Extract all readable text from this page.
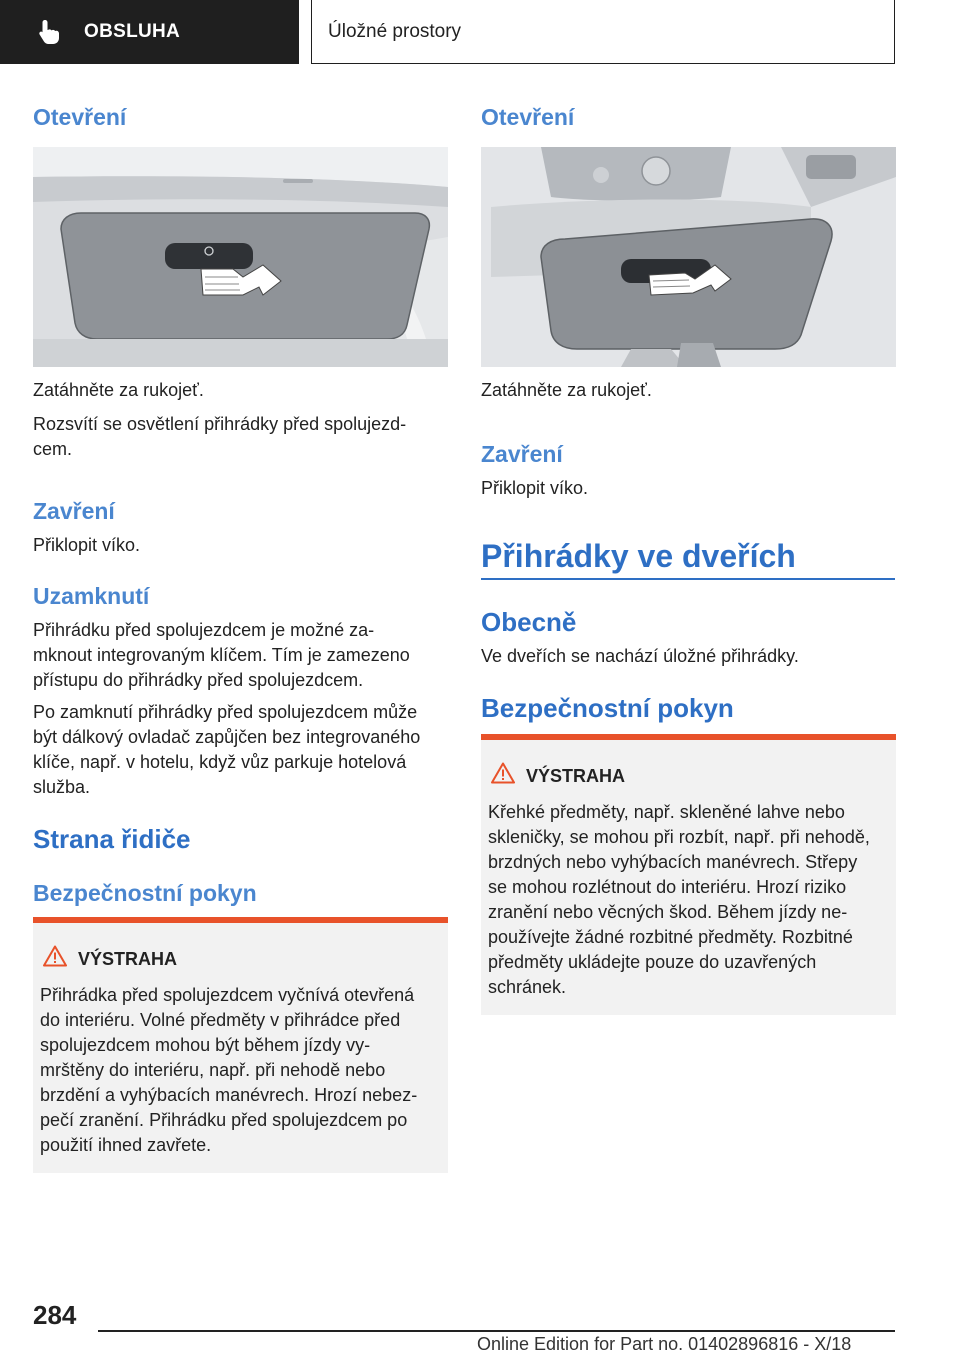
OBSLUHA	Úložné prostory
Otevření

Zatáhněte za rukojeť.

Rozsvítí se osvětlení přihrádky před spolujezd-

cem.

Zavření

Přiklopit víko.

Uzamknutí

Přihrádku před spolujezdcem je možné za-

mknout integrovaným klíčem. Tím je zamezeno

přístupu do přihrádky před spolujezdcem.

Po zamknutí přihrádky před spolujezdcem může

být dálkový ovladač zapůjčen bez integrovaného

klíče, např. v hotelu, když vůz parkuje hotelová

služba.

Strana řidiče
Bezpečnostní pokyn
VÝSTRAHA
Přihrádka před spolujezdcem vyčnívá otevřená
do interiéru. Volné předměty v přihrádce před
spolujezdcem mohou být během jízdy vy-
mrštěny do interiéru, např. při nehodě nebo
brzdění a vyhýbacích manévrech. Hrozí nebez-
pečí zranění. Přihrádku před spolujezdcem po
použití ihned zavřete.
Otevření

Zatáhněte za rukojeť.

Zavření

Přiklopit víko.

Přihrádky ve dveřích
Obecně

Ve dveřích se nachází úložné přihrádky.

Bezpečnostní pokyn
VÝSTRAHA
Křehké předměty, např. skleněné lahve nebo
skleničky, se mohou při rozbít, např. při nehodě,
brzdných nebo vyhýbacích manévrech. Střepy
se mohou rozlétnout do interiéru. Hrozí riziko
zranění nebo věcných škod. Během jízdy ne-
používejte žádné rozbitné předměty. Rozbitné
předměty ukládejte pouze do uzavřených
schránek.
284
Online Edition for Part no. 01402896816 - X/18
